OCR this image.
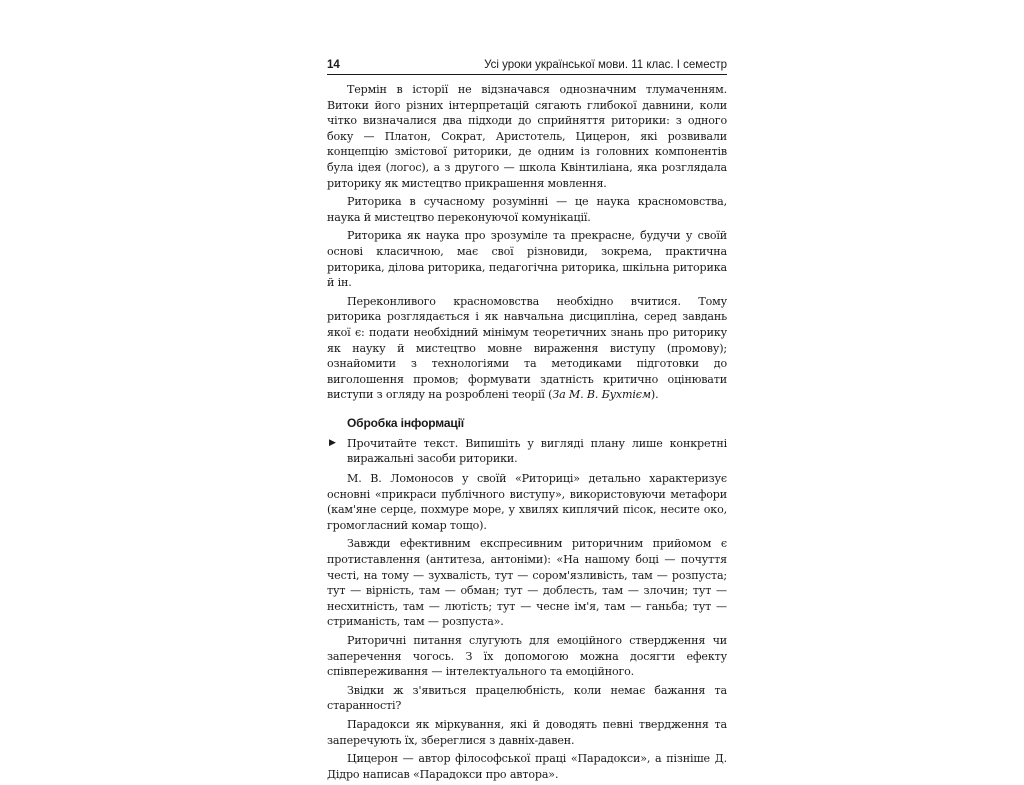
14	Усі уроки української мови. 11 клас. І семестр

Термін в історії не відзначався однозначним тлумаченням. Витоки його різних інтерпретацій сягають глибокої давнини, коли чітко визначалися два підходи до сприйняття риторики: з одного боку — Платон, Сократ, Аристотель, Цицерон, які розвивали концепцію змістової риторики, де одним із головних компонентів була ідея (логос), а з другого — школа Квінтиліана, яка розглядала риторику як мистецтво прикрашення мовлення.

Риторика в сучасному розумінні — це наука красномовства, наука й мистецтво переконуючої комунікації.

Риторика як наука про зрозуміле та прекрасне, будучи у своїй основі класичною, має свої різновиди, зокрема, практична риторика, ділова риторика, педагогічна риторика, шкільна риторика й ін.

Переконливого красномовства необхідно вчитися. Тому риторика розглядається і як навчальна дисципліна, серед завдань якої є: подати необхідний мінімум теоретичних знань про риторику як науку й мистецтво мовне вираження виступу (промову); ознайомити з технологіями та методиками підготовки до виголошення промов; формувати здатність критично оцінювати виступи з огляду на розроблені теорії (За М. В. Бухтієм).

Обробка інформації
▶	Прочитайте текст. Випишіть у вигляді плану лише конкретні виражальні засоби риторики.

М. В. Ломоносов у своїй «Риториці» детально характеризує основні «прикраси публічного виступу», використовуючи метафори (кам'яне серце, похмуре море, у хвилях киплячий пісок, несите око, громогласний комар тощо).

Завжди ефективним експресивним риторичним прийомом є протиставлення (антитеза, антоніми): «На нашому боці — почуття честі, на тому — зухвалість, тут — сором'язливість, там — розпуста; тут — вірність, там — обман; тут — доблесть, там — злочин; тут — несхитність, там — лютість; тут — чесне ім'я, там — ганьба; тут — стриманість, там — розпуста».

Риторичні питання слугують для емоційного ствердження чи заперечення чогось. З їх допомогою можна досягти ефекту співпереживання — інтелектуального та емоційного.

Звідки ж з'явиться працелюбність, коли немає бажання та старанності?

Парадокси як міркування, які й доводять певні твердження та заперечують їх, збереглися з давніх-давен.

Цицерон — автор філософської праці «Парадокси», а пізніше Д. Дідро написав «Парадокси про автора».
